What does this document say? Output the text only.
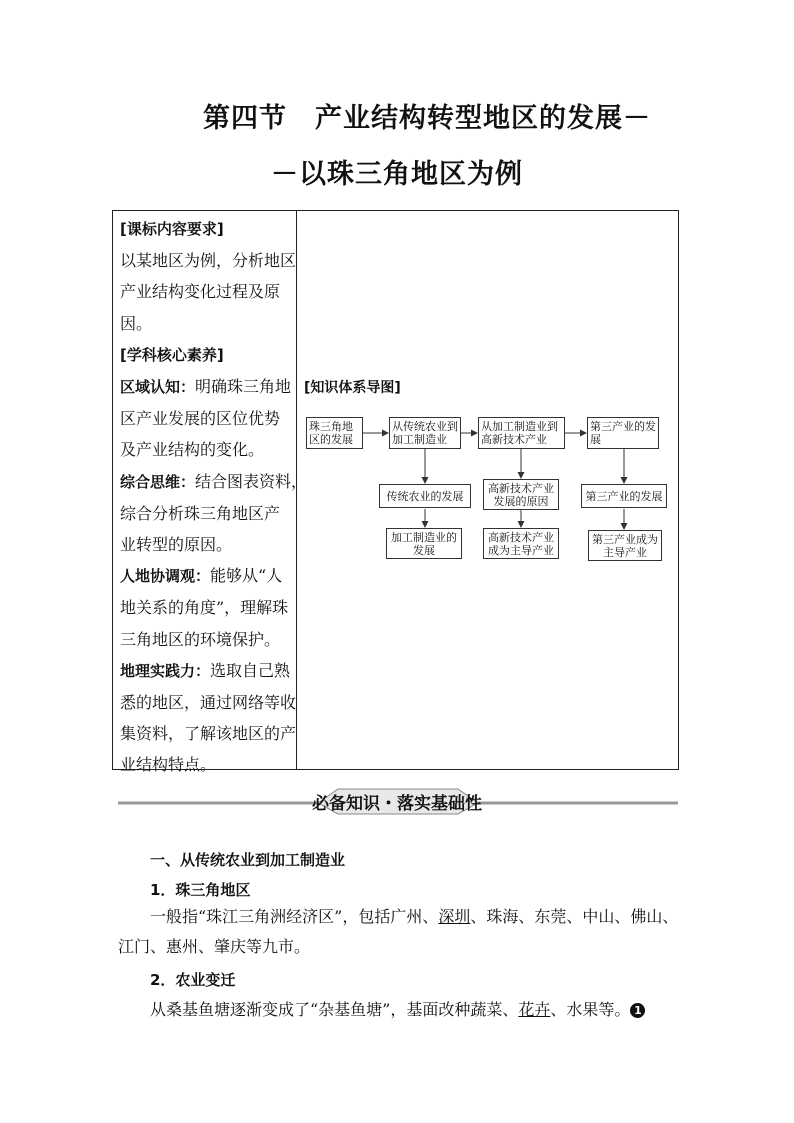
第四节　产业结构转型地区的发展－
－以珠三角地区为例
[课标内容要求]
以某地区为例，分析地区
产业结构变化过程及原
因。
[学科核心素养]
区域认知：明确珠三角地
区产业发展的区位优势
及产业结构的变化。
综合思维：结合图表资料，
综合分析珠三角地区产
业转型的原因。
人地协调观：能够从“人
地关系的角度”，理解珠
三角地区的环境保护。
地理实践力：选取自己熟
悉的地区，通过网络等收
集资料，了解该地区的产
业结构特点。
[知识体系导图]
珠三角地区的发展
从传统农业到加工制造业
从加工制造业到高新技术产业
第三产业的发展
传统农业的发展
高新技术产业发展的原因	第三产业的发展
加工制造业的发展
高新技术产业成为主导产业
第三产业成为主导产业
必备知识・落实基础性
一、从传统农业到加工制造业
1．珠三角地区
一般指“珠江三角洲经济区”，包括广州、深圳、珠海、东莞、中山、佛山、江门、惠州、肇庆等九市。
2．农业变迁
从桑基鱼塘逐渐变成了“杂基鱼塘”，基面改种蔬菜、花卉、水果等。 1
